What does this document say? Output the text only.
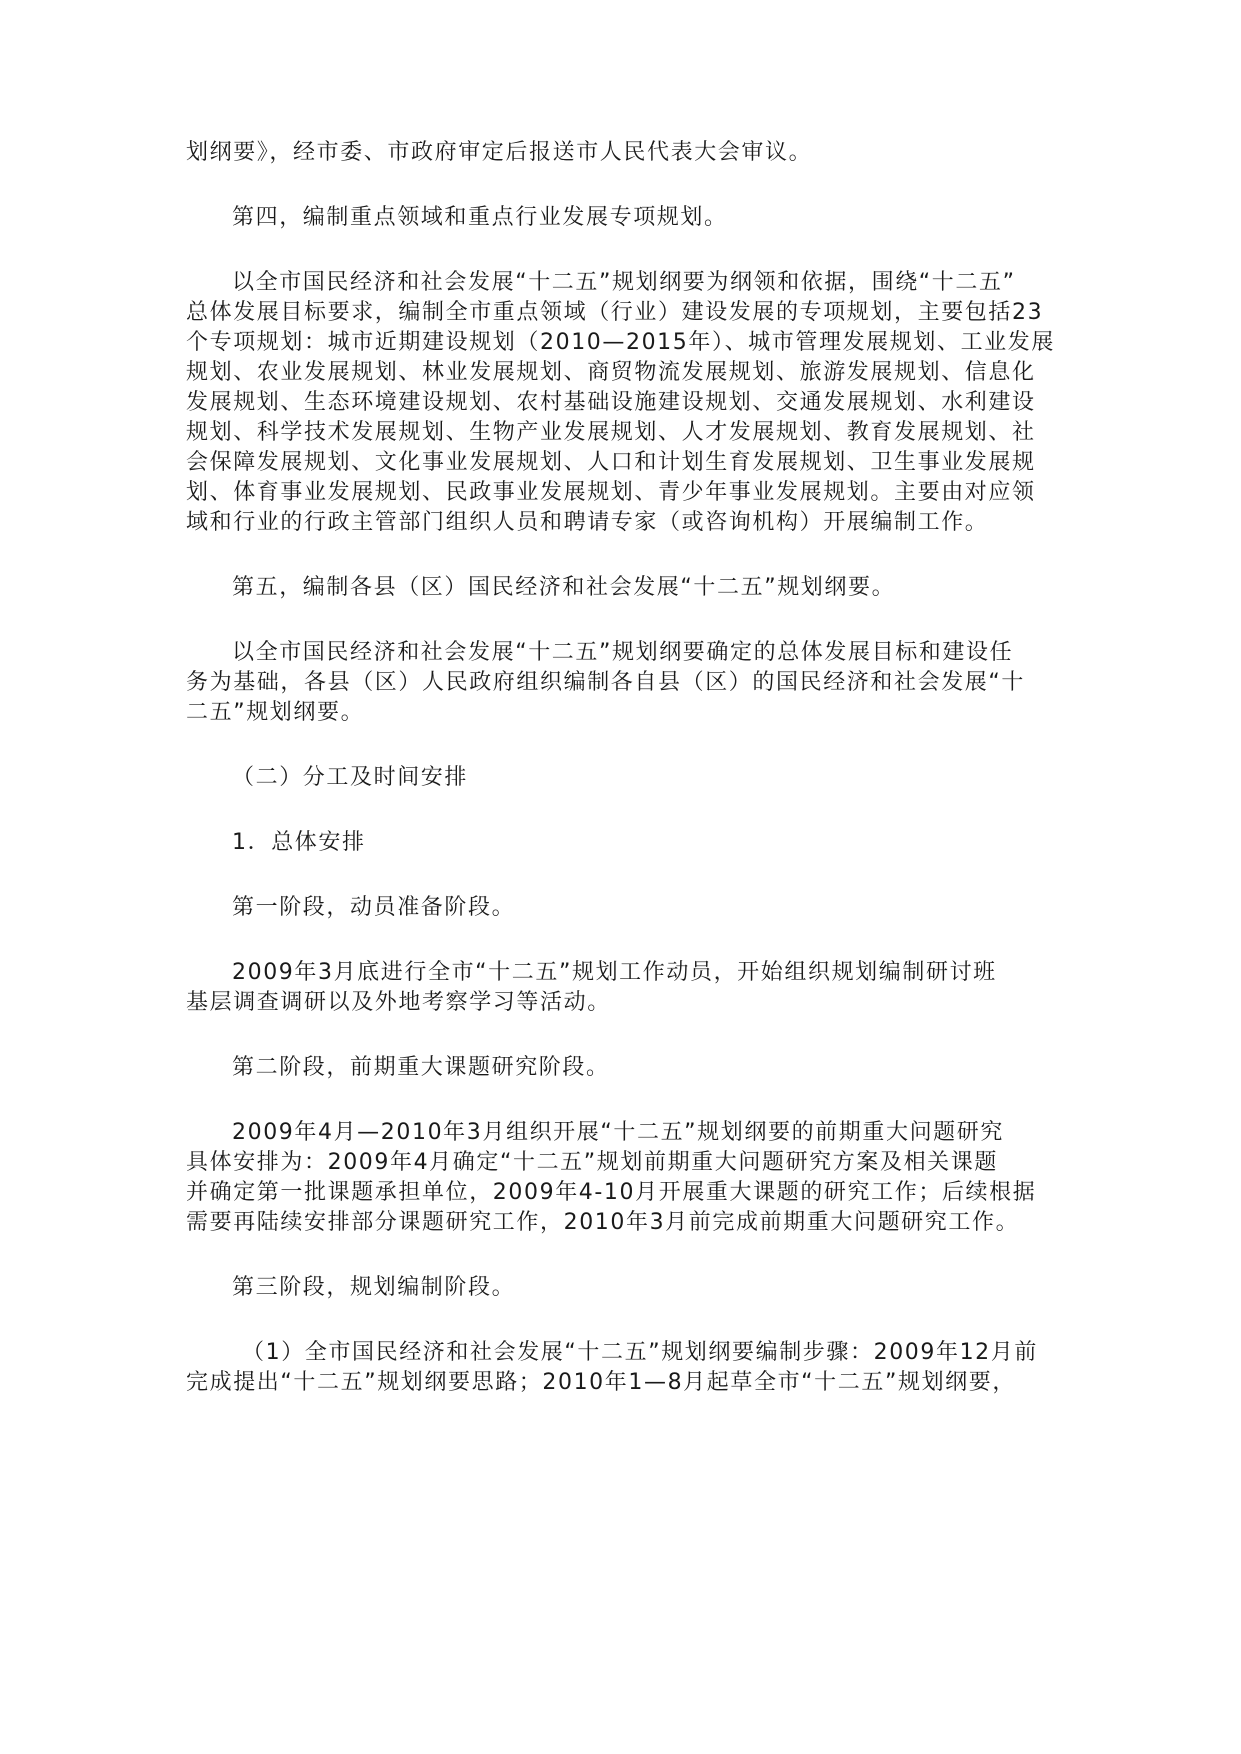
划纲要》，经市委、市政府审定后报送市人民代表大会审议。
第四，编制重点领域和重点行业发展专项规划。
以全市国民经济和社会发展“十二五”规划纲要为纲领和依据，围绕“十二五”
总体发展目标要求，编制全市重点领域（行业）建设发展的专项规划，主要包括23
个专项规划：城市近期建设规划（2010—2015年）、城市管理发展规划、工业发展
规划、农业发展规划、林业发展规划、商贸物流发展规划、旅游发展规划、信息化
发展规划、生态环境建设规划、农村基础设施建设规划、交通发展规划、水利建设
规划、科学技术发展规划、生物产业发展规划、人才发展规划、教育发展规划、社
会保障发展规划、文化事业发展规划、人口和计划生育发展规划、卫生事业发展规
划、体育事业发展规划、民政事业发展规划、青少年事业发展规划。主要由对应领
域和行业的行政主管部门组织人员和聘请专家（或咨询机构）开展编制工作。
第五，编制各县（区）国民经济和社会发展“十二五”规划纲要。
以全市国民经济和社会发展“十二五”规划纲要确定的总体发展目标和建设任
务为基础，各县（区）人民政府组织编制各自县（区）的国民经济和社会发展“十
二五”规划纲要。
（二）分工及时间安排
1．总体安排
第一阶段，动员准备阶段。
2009年3月底进行全市“十二五”规划工作动员，开始组织规划编制研讨班
基层调查调研以及外地考察学习等活动。
第二阶段，前期重大课题研究阶段。
2009年4月—2010年3月组织开展“十二五”规划纲要的前期重大问题研究
具体安排为：2009年4月确定“十二五”规划前期重大问题研究方案及相关课题
并确定第一批课题承担单位，2009年4-10月开展重大课题的研究工作；后续根据
需要再陆续安排部分课题研究工作，2010年3月前完成前期重大问题研究工作。
第三阶段，规划编制阶段。
（1）全市国民经济和社会发展“十二五”规划纲要编制步骤：2009年12月前
完成提出“十二五”规划纲要思路；2010年1—8月起草全市“十二五”规划纲要，
